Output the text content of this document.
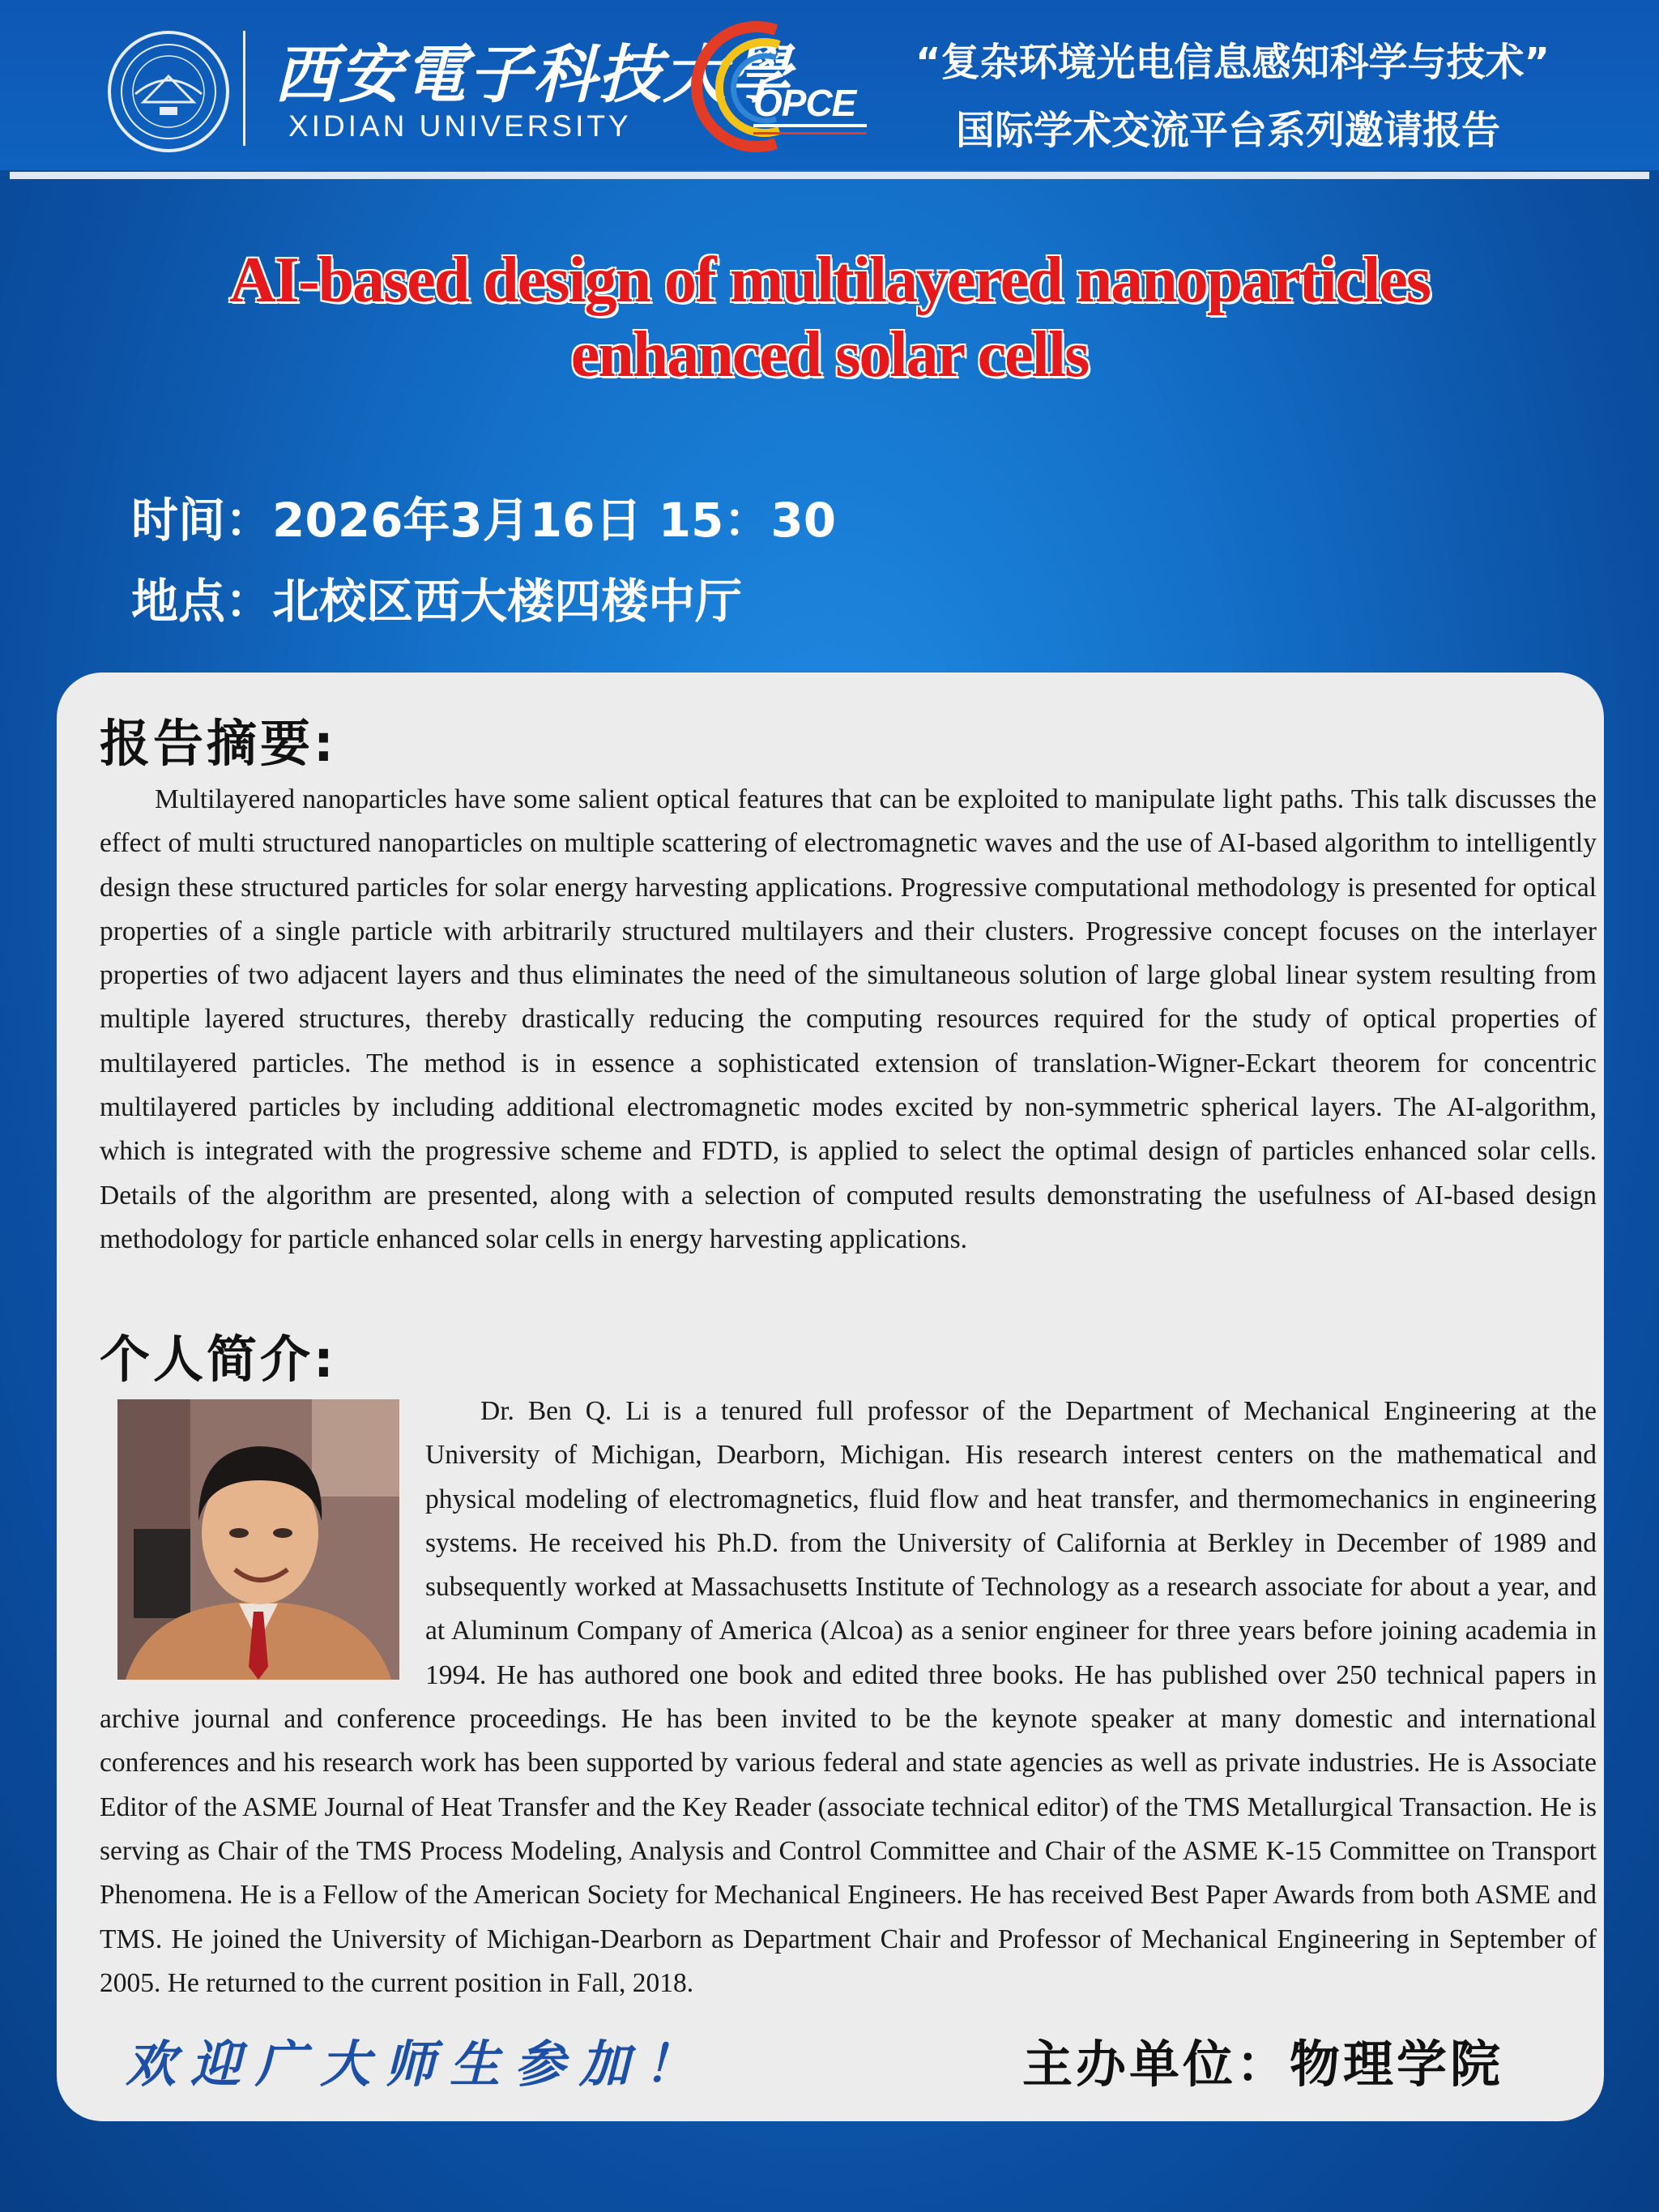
西安電子科技大學
XIDIAN UNIVERSITY
OPCE
“复杂环境光电信息感知科学与技术”
国际学术交流平台系列邀请报告
AI-based design of multilayered nanoparticles
enhanced solar cells
时间：2026年3月16日 15：30
地点：北校区西大楼四楼中厅
报告摘要:

Multilayered nanoparticles have some salient optical features that can be exploited to manipulate light paths. This talk discusses the effect of multi structured nanoparticles on multiple scattering of electromagnetic waves and the use of AI-based algorithm to intelligently design these structured particles for solar energy harvesting applications. Progressive computational methodology is presented for optical properties of a single particle with arbitrarily structured multilayers and their clusters. Progressive concept focuses on the interlayer properties of two adjacent layers and thus eliminates the need of the simultaneous solution of large global linear system resulting from multiple layered structures, thereby drastically reducing the computing resources required for the study of optical properties of multilayered particles. The method is in essence a sophisticated extension of translation-Wigner-Eckart theorem for concentric multilayered particles by including additional electromagnetic modes excited by non-symmetric spherical layers. The AI-algorithm, which is integrated with the progressive scheme and FDTD, is applied to select the optimal design of particles enhanced solar cells. Details of the algorithm are presented, along with a selection of computed results demonstrating the usefulness of AI-based design methodology for particle enhanced solar cells in energy harvesting applications.

个人简介:

Dr. Ben Q. Li is a tenured full professor of the Department of Mechanical Engineering at the University of Michigan, Dearborn, Michigan. His research interest centers on the mathematical and physical modeling of electromagnetics, fluid flow and heat transfer, and thermomechanics in engineering systems. He received his Ph.D. from the University of California at Berkley in December of 1989 and subsequently worked at Massachusetts Institute of Technology as a research associate for about a year, and at Aluminum Company of America (Alcoa) as a senior engineer for three years before joining academia in 1994. He has authored one book and edited three books. He has published over 250 technical papers in archive journal and conference proceedings. He has been invited to be the keynote speaker at many domestic and international conferences and his research work has been supported by various federal and state agencies as well as private industries. He is Associate Editor of the ASME Journal of Heat Transfer and the Key Reader (associate technical editor) of the TMS Metallurgical Transaction. He is serving as Chair of the TMS Process Modeling, Analysis and Control Committee and Chair of the ASME K-15 Committee on Transport Phenomena. He is a Fellow of the American Society for Mechanical Engineers. He has received Best Paper Awards from both ASME and TMS. He joined the University of Michigan-Dearborn as Department Chair and Professor of Mechanical Engineering in September of 2005. He returned to the current position in Fall, 2018.

欢迎广大师生参加！	主办单位：物理学院
